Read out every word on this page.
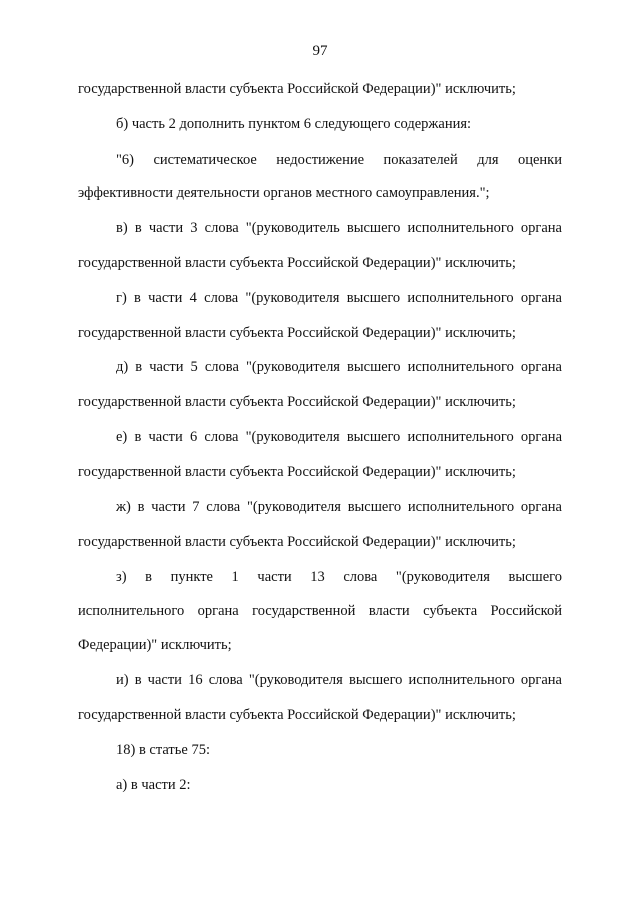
97

государственной власти субъекта Российской Федерации)" исключить;

б) часть 2 дополнить пунктом 6 следующего содержания:

"6) систематическое недостижение показателей для оценки

эффективности деятельности органов местного самоуправления.";

в) в части 3 слова "(руководитель высшего исполнительного органа

государственной власти субъекта Российской Федерации)" исключить;

г) в части 4 слова "(руководителя высшего исполнительного органа

государственной власти субъекта Российской Федерации)" исключить;

д) в части 5 слова "(руководителя высшего исполнительного органа

государственной власти субъекта Российской Федерации)" исключить;

е) в части 6 слова "(руководителя высшего исполнительного органа

государственной власти субъекта Российской Федерации)" исключить;

ж) в части 7 слова "(руководителя высшего исполнительного органа

государственной власти субъекта Российской Федерации)" исключить;

з) в пункте 1 части 13 слова "(руководителя высшего

исполнительного органа государственной власти субъекта Российской

Федерации)" исключить;

и) в части 16 слова "(руководителя высшего исполнительного органа

государственной власти субъекта Российской Федерации)" исключить;

18) в статье 75:

а) в части 2:
